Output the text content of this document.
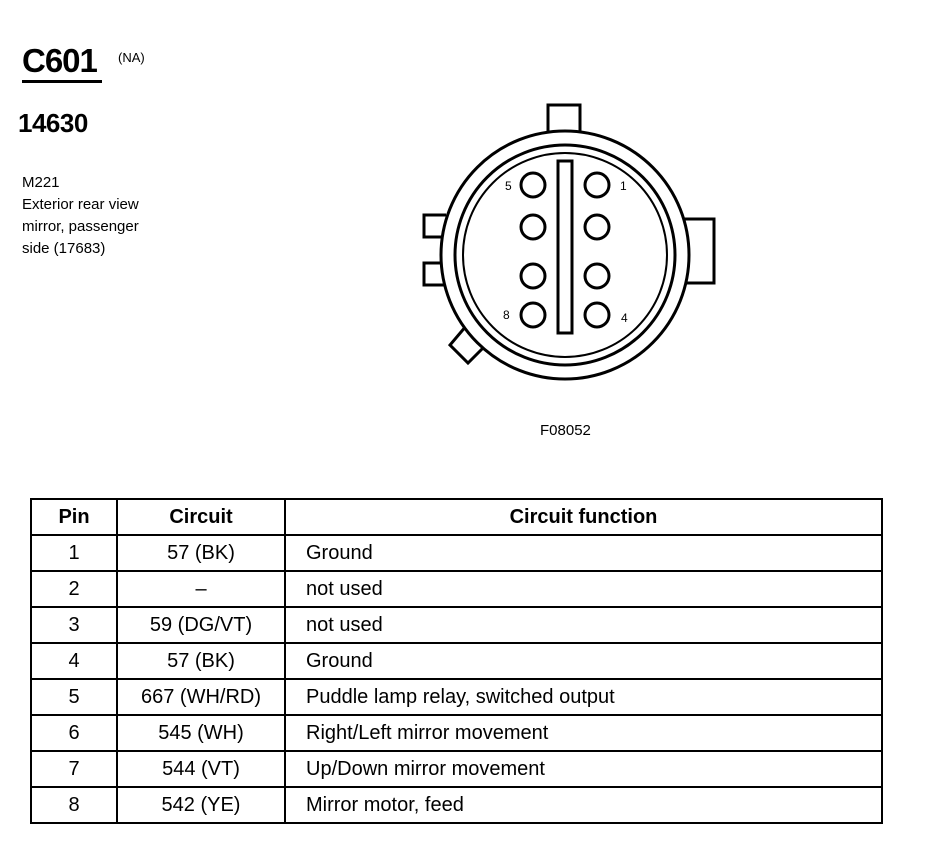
C601 (NA)
14630
M221
Exterior rear view
mirror, passenger
side (17683)
5	1
8	4
F08052
Pin	Circuit	Circuit function
1	57 (BK)	Ground
2	–	not used
3	59 (DG/VT)	not used
4	57 (BK)	Ground
5	667 (WH/RD)	Puddle lamp relay, switched output
6	545 (WH)	Right/Left mirror movement
7	544 (VT)	Up/Down mirror movement
8	542 (YE)	Mirror motor, feed
